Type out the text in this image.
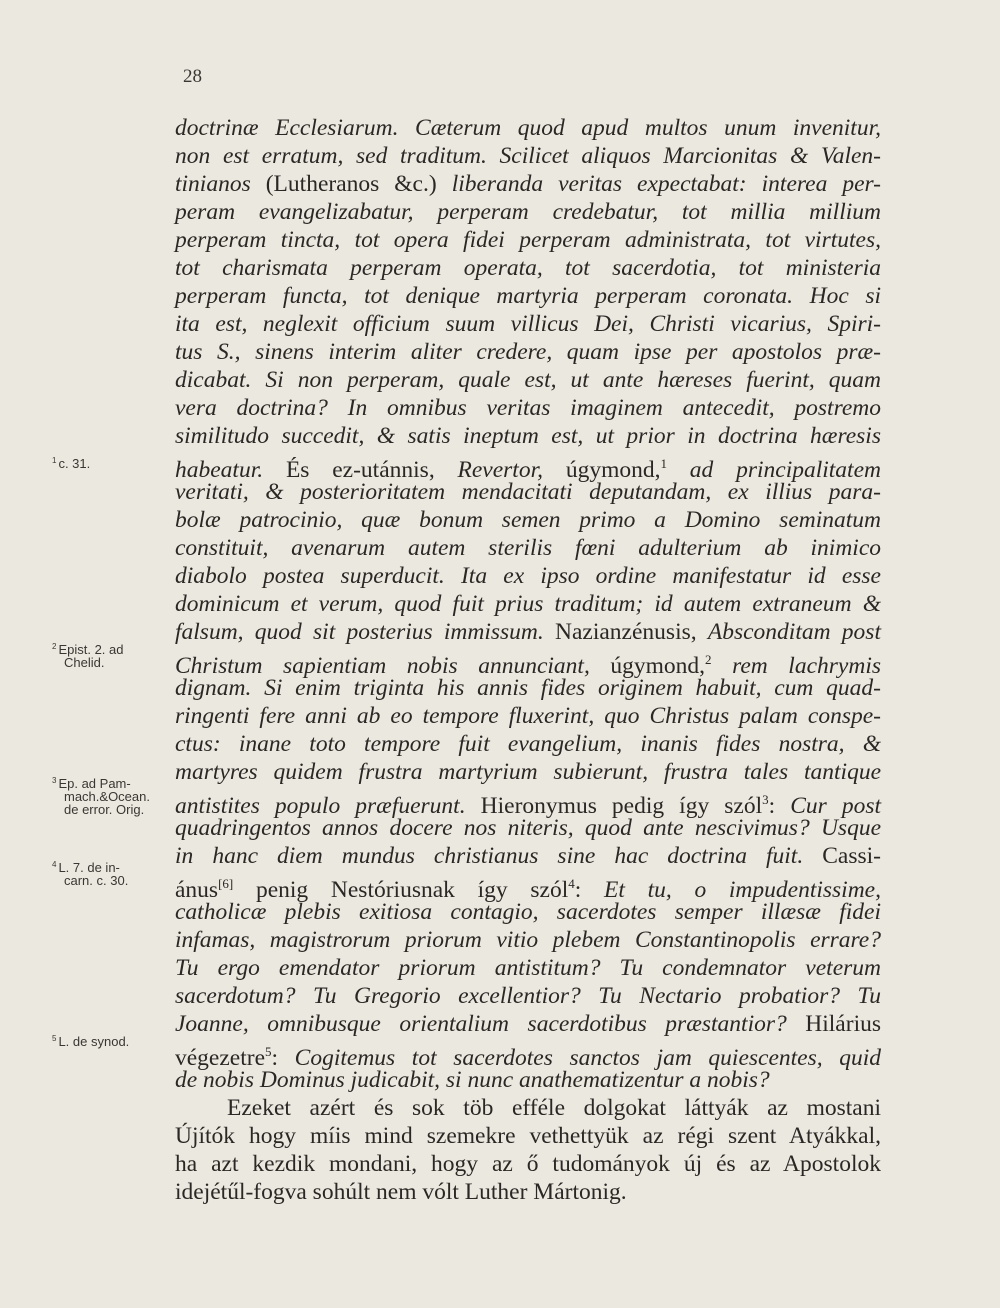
28
doctrinæ Ecclesiarum. Cæterum quod apud multos unum invenitur,
non est erratum, sed traditum. Scilicet aliquos Marcionitas & Valen-
tinianos (Lutheranos &c.) liberanda veritas expectabat: interea per-
peram evangelizabatur, perperam credebatur, tot millia millium
perperam tincta, tot opera fidei perperam administrata, tot virtutes,
tot charismata perperam operata, tot sacerdotia, tot ministeria
perperam functa, tot denique martyria perperam coronata. Hoc si
ita est, neglexit officium suum villicus Dei, Christi vicarius, Spiri-
tus S., sinens interim aliter credere, quam ipse per apostolos præ-
dicabat. Si non perperam, quale est, ut ante hæreses fuerint, quam
vera doctrina? In omnibus veritas imaginem antecedit, postremo
similitudo succedit, & satis ineptum est, ut prior in doctrina hæresis
habeatur. És ez-utánnis, Revertor, úgymond,$^1$ ad principalitatem
veritati, & posterioritatem mendacitati deputandam, ex illius para-
bolæ patrocinio, quæ bonum semen primo a Domino seminatum
constituit, avenarum autem sterilis fœni adulterium ab inimico
diabolo postea superducit. Ita ex ipso ordine manifestatur id esse
dominicum et verum, quod fuit prius traditum; id autem extraneum &
falsum, quod sit posterius immissum. Nazianzénusis, Absconditam post
Christum sapientiam nobis annunciant, úgymond,$^2$ rem lachrymis
dignam. Si enim triginta his annis fides originem habuit, cum quad-
ringenti fere anni ab eo tempore fluxerint, quo Christus palam conspe-
ctus: inane toto tempore fuit evangelium, inanis fides nostra, &
martyres quidem frustra martyrium subierunt, frustra tales tantique
antistites populo præfuerunt. Hieronymus pedig így szól$^3$: Cur post
quadringentos annos docere nos niteris, quod ante nescivimus? Usque
in hanc diem mundus christianus sine hac doctrina fuit. Cassi-
ánus[6] penig Nestóriusnak így szól$^4$: Et tu, o impudentissime,
catholicæ plebis exitiosa contagio, sacerdotes semper illæsæ fidei
infamas, magistrorum priorum vitio plebem Constantinopolis errare?
Tu ergo emendator priorum antistitum? Tu condemnator veterum
sacerdotum? Tu Gregorio excellentior? Tu Nectario probatior? Tu
Joanne, omnibusque orientalium sacerdotibus præstantior? Hilárius
végezetre$^5$: Cogitemus tot sacerdotes sanctos jam quiescentes, quid
de nobis Dominus judicabit, si nunc anathematizentur a nobis?
Ezeket azért és sok töb efféle dolgokat láttyák az mostani
Újítók hogy míis mind szemekre vethettyük az régi szent Atyákkal,
ha azt kezdik mondani, hogy az ő tudományok új és az Apostolok
idejétűl-fogva sohúlt nem vólt Luther Mártonig.
$^1$ c. 31.
$^2$ Epist. 2. ad
Chelid.
$^3$ Ep. ad Pam-
mach.&Ocean.
de error. Orig.
$^4$ L. 7. de in-
carn. c. 30.
$^5$ L. de synod.
